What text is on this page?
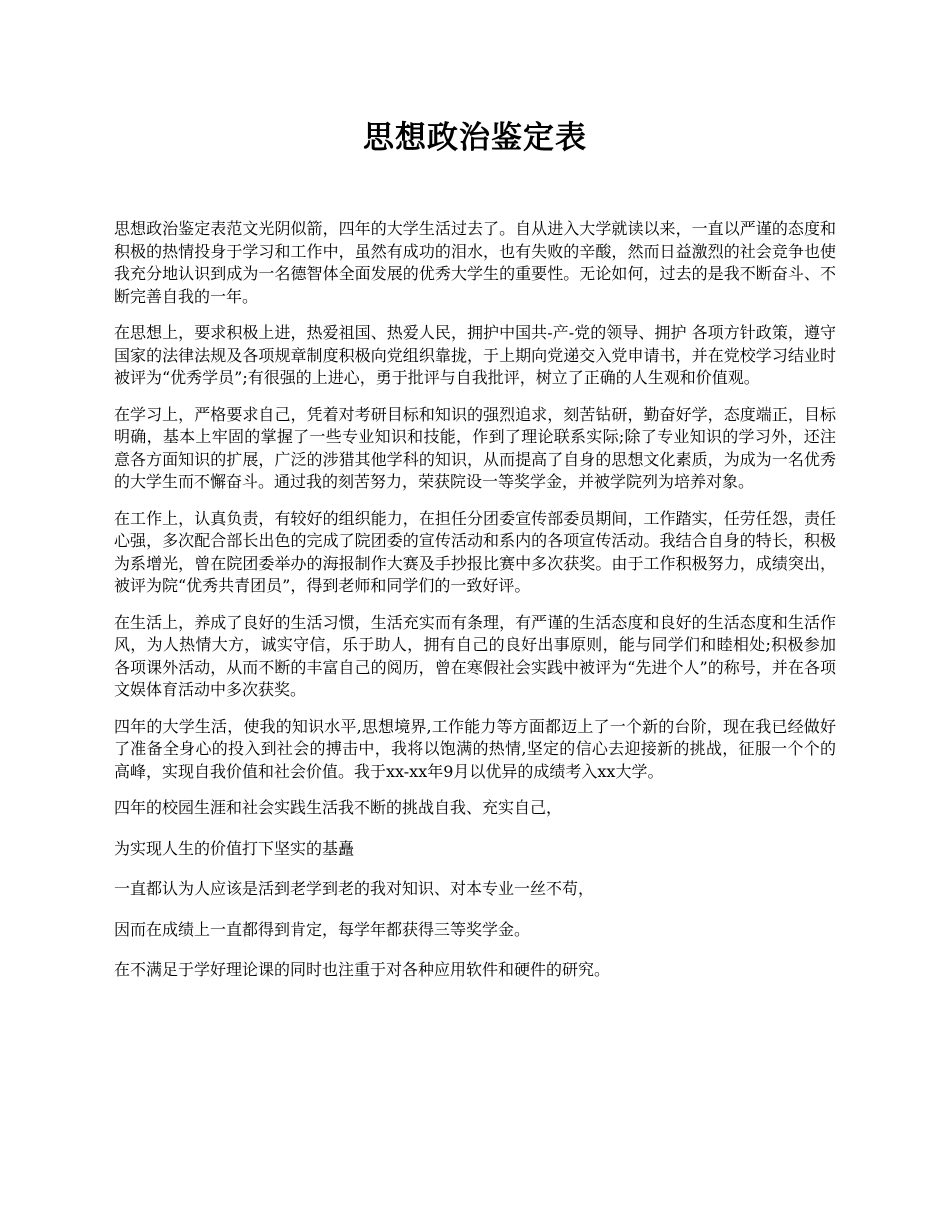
思想政治鉴定表

思想政治鉴定表范文光阴似箭，四年的大学生活过去了。自从进入大学就读以来，一直以严谨的态度和积极的热情投身于学习和工作中，虽然有成功的泪水，也有失败的辛酸，然而日益激烈的社会竞争也使我充分地认识到成为一名德智体全面发展的优秀大学生的重要性。无论如何，过去的是我不断奋斗、不断完善自我的一年。

在思想上，要求积极上进，热爱祖国、热爱人民，拥护中国共-产-党的领导、拥护 各项方针政策，遵守国家的法律法规及各项规章制度积极向党组织靠拢，于上期向党递交入党申请书，并在党校学习结业时被评为“优秀学员”;有很强的上进心，勇于批评与自我批评，树立了正确的人生观和价值观。

在学习上，严格要求自己，凭着对考研目标和知识的强烈追求，刻苦钻研，勤奋好学，态度端正，目标明确，基本上牢固的掌握了一些专业知识和技能，作到了理论联系实际;除了专业知识的学习外，还注意各方面知识的扩展，广泛的涉猎其他学科的知识，从而提高了自身的思想文化素质，为成为一名优秀的大学生而不懈奋斗。通过我的刻苦努力，荣获院设一等奖学金，并被学院列为培养对象。

在工作上，认真负责，有较好的组织能力，在担任分团委宣传部委员期间，工作踏实，任劳任怨，责任心强，多次配合部长出色的完成了院团委的宣传活动和系内的各项宣传活动。我结合自身的特长，积极为系增光，曾在院团委举办的海报制作大赛及手抄报比赛中多次获奖。由于工作积极努力，成绩突出，被评为院“优秀共青团员”，得到老师和同学们的一致好评。

在生活上，养成了良好的生活习惯，生活充实而有条理，有严谨的生活态度和良好的生活态度和生活作风，为人热情大方，诚实守信，乐于助人，拥有自己的良好出事原则，能与同学们和睦相处;积极参加各项课外活动，从而不断的丰富自己的阅历，曾在寒假社会实践中被评为“先进个人”的称号，并在各项文娱体育活动中多次获奖。

四年的大学生活，使我的知识水平,思想境界,工作能力等方面都迈上了一个新的台阶，现在我已经做好了准备全身心的投入到社会的搏击中，我将以饱满的热情,坚定的信心去迎接新的挑战，征服一个个的高峰，实现自我价值和社会价值。我于xx-xx年9月以优异的成绩考入xx大学。

四年的校园生涯和社会实践生活我不断的挑战自我、充实自己，

为实现人生的价值打下坚实的基矗

一直都认为人应该是活到老学到老的我对知识、对本专业一丝不苟，

因而在成绩上一直都得到肯定，每学年都获得三等奖学金。

在不满足于学好理论课的同时也注重于对各种应用软件和硬件的研究。
